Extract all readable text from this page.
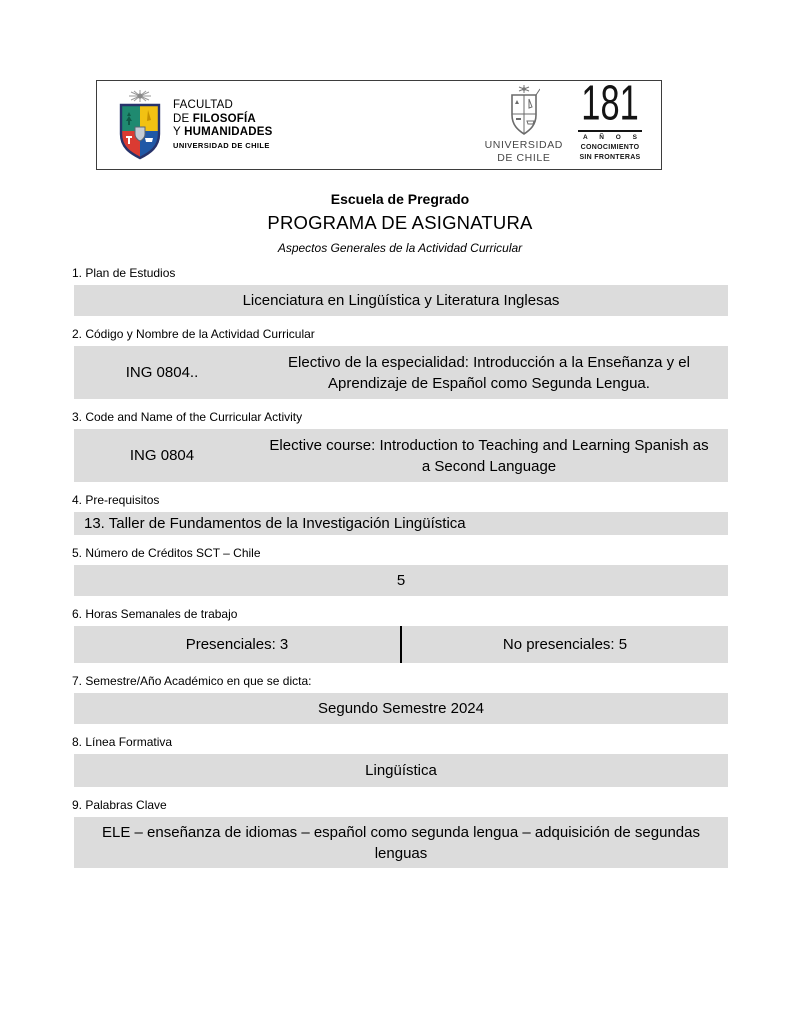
FACULTAD
DE FILOSOFÍA
Y HUMANIDADES
UNIVERSIDAD DE CHILE	UNIVERSIDAD
DE CHILE
181
A Ñ O S
CONOCIMIENTO
SIN FRONTERAS
Escuela de Pregrado
PROGRAMA DE ASIGNATURA
Aspectos Generales de la Actividad Curricular
1. Plan de Estudios
Licenciatura en Lingüística y Literatura Inglesas
2. Código y Nombre de la Actividad Curricular
ING 0804..
Electivo de la especialidad: Introducción a la Enseñanza y el Aprendizaje de Español como Segunda Lengua.
3. Code and Name of the Curricular Activity
ING 0804
Elective course: Introduction to Teaching and Learning Spanish as a Second Language
4. Pre-requisitos
13. Taller de Fundamentos de la Investigación Lingüística
5. Número de Créditos SCT – Chile
5
6. Horas Semanales de trabajo
Presenciales: 3	No presenciales: 5
7. Semestre/Año Académico en que se dicta:
Segundo Semestre 2024
8. Línea Formativa
Lingüística
9. Palabras Clave
ELE – enseñanza de idiomas – español como segunda lengua – adquisición de segundas lenguas
